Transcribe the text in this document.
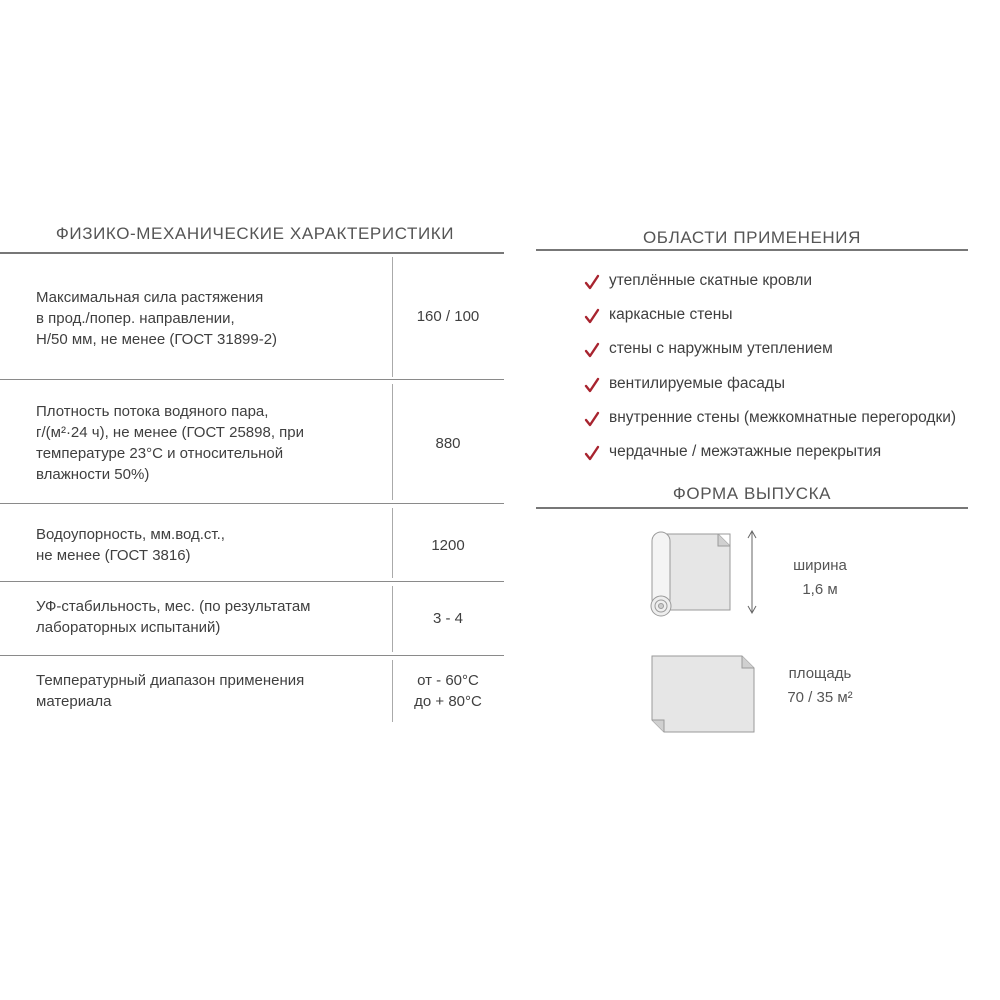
ФИЗИКО-МЕХАНИЧЕСКИЕ ХАРАКТЕРИСТИКИ
Максимальная сила растяжения
в прод./попер. направлении,
Н/50 мм, не менее (ГОСТ 31899-2)
160 / 100
Плотность потока водяного пара,
г/(м²·24 ч), не менее (ГОСТ 25898, при
температуре 23°С и относительной
влажности 50%)
880
Водоупорность, мм.вод.ст.,
не менее (ГОСТ 3816)
1200
УФ-стабильность, мес. (по результатам
лабораторных испытаний)
3 - 4
Температурный диапазон применения
материала
от - 60°С
до + 80°С
ОБЛАСТИ ПРИМЕНЕНИЯ
утеплённые скатные кровли
каркасные стены
стены с наружным утеплением
вентилируемые фасады
внутренние стены (межкомнатные перегородки)
чердачные / межэтажные перекрытия
ФОРМА ВЫПУСКА
ширина
1,6 м
площадь
70 / 35 м²
